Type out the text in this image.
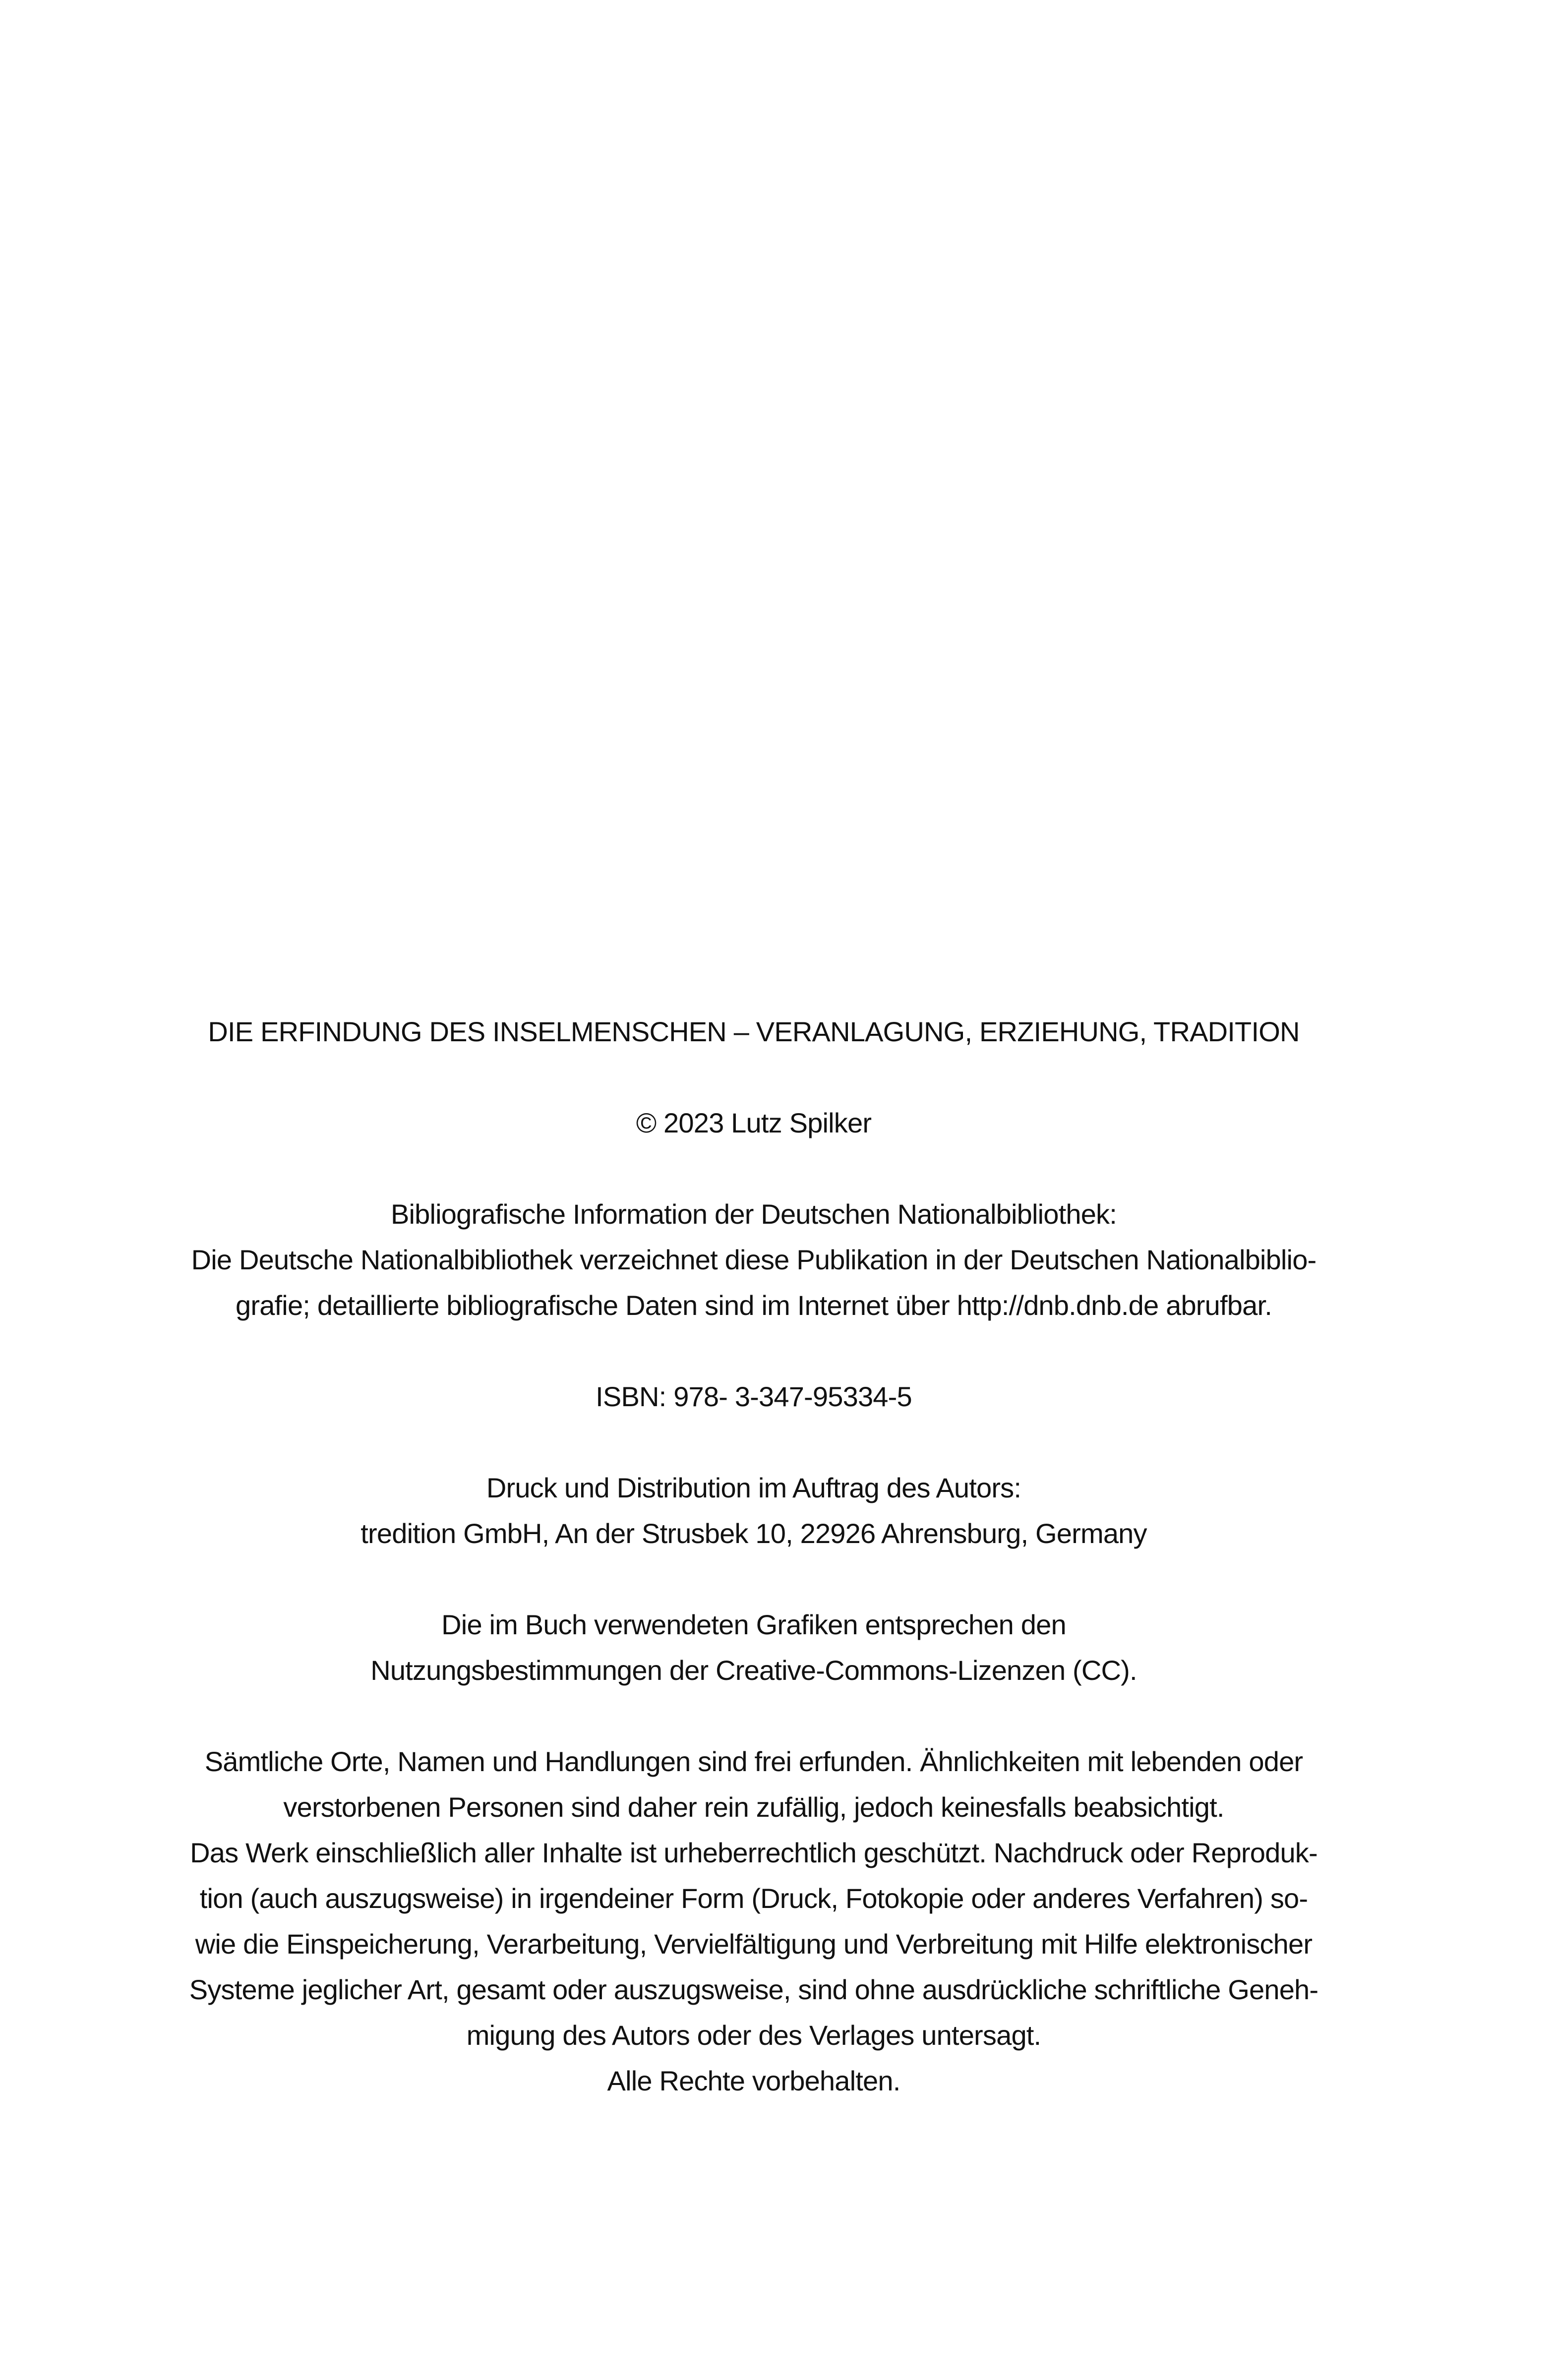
DIE ERFINDUNG DES INSELMENSCHEN – VERANLAGUNG, ERZIEHUNG, TRADITION

© 2023 Lutz Spilker

Bibliografische Information der Deutschen Nationalbibliothek:
Die Deutsche Nationalbibliothek verzeichnet diese Publikation in der Deutschen Nationalbiblio-
grafie; detaillierte bibliografische Daten sind im Internet über http://dnb.dnb.de abrufbar.

ISBN: 978- 3-347-95334-5

Druck und Distribution im Auftrag des Autors:
tredition GmbH, An der Strusbek 10, 22926 Ahrensburg, Germany

Die im Buch verwendeten Grafiken entsprechen den
Nutzungsbestimmungen der Creative-Commons-Lizenzen (CC).

Sämtliche Orte, Namen und Handlungen sind frei erfunden. Ähnlichkeiten mit lebenden oder
verstorbenen Personen sind daher rein zufällig, jedoch keinesfalls beabsichtigt.
Das Werk einschließlich aller Inhalte ist urheberrechtlich geschützt. Nachdruck oder Reproduk-
tion (auch auszugsweise) in irgendeiner Form (Druck, Fotokopie oder anderes Verfahren) so-
wie die Einspeicherung, Verarbeitung, Vervielfältigung und Verbreitung mit Hilfe elektronischer
Systeme jeglicher Art, gesamt oder auszugsweise, sind ohne ausdrückliche schriftliche Geneh-
migung des Autors oder des Verlages untersagt.
Alle Rechte vorbehalten.
